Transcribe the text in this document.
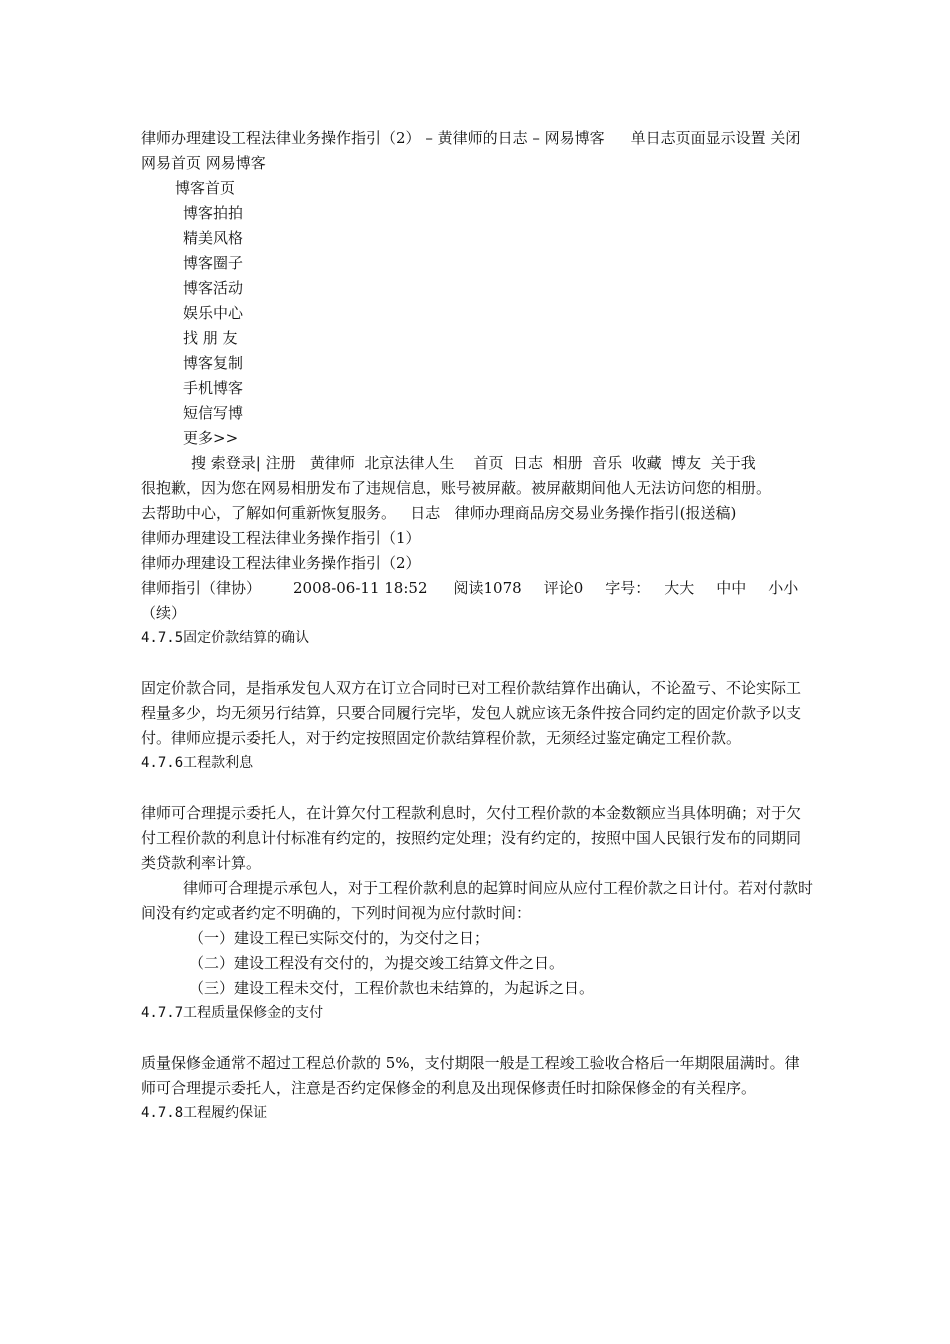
律师办理建设工程法律业务操作指引（2） – 黄律师的日志 – 网易博客 单日志页面显示设置 关闭 网易首页 网易博客
博客首页
博客拍拍
精美风格
博客圈子
博客活动
娱乐中心
找 朋 友
博客复制
手机博客
短信写博
更多>>
搜 索登录| 注册   黄律师  北京法律人生    首页  日志  相册  音乐  收藏  博友  关于我
很抱歉，因为您在网易相册发布了违规信息，账号被屏蔽。被屏蔽期间他人无法访问您的相册。
去帮助中心，了解如何重新恢复服务。   日志   律师办理商品房交易业务操作指引(报送稿)
律师办理建设工程法律业务操作指引（1）
律师办理建设工程法律业务操作指引（2）
律师指引（律协） 2008-06-11 18:52 阅读1078 评论0 字号： 大大 中中 小小（续）
4.7.5固定价款结算的确认
固定价款合同，是指承发包人双方在订立合同时已对工程价款结算作出确认，不论盈亏、不论实际工程量多少，均无须另行结算，只要合同履行完毕，发包人就应该无条件按合同约定的固定价款予以支付。律师应提示委托人，对于约定按照固定价款结算程价款，无须经过鉴定确定工程价款。
4.7.6工程款利息
律师可合理提示委托人，在计算欠付工程款利息时，欠付工程价款的本金数额应当具体明确；对于欠付工程价款的利息计付标准有约定的，按照约定处理；没有约定的，按照中国人民银行发布的同期同类贷款利率计算。
律师可合理提示承包人，对于工程价款利息的起算时间应从应付工程价款之日计付。若对付款时间没有约定或者约定不明确的，下列时间视为应付款时间：
（一）建设工程已实际交付的，为交付之日；
（二）建设工程没有交付的，为提交竣工结算文件之日。
（三）建设工程未交付，工程价款也未结算的，为起诉之日。
4.7.7工程质量保修金的支付
质量保修金通常不超过工程总价款的 5%，支付期限一般是工程竣工验收合格后一年期限届满时。律师可合理提示委托人，注意是否约定保修金的利息及出现保修责任时扣除保修金的有关程序。
4.7.8工程履约保证
